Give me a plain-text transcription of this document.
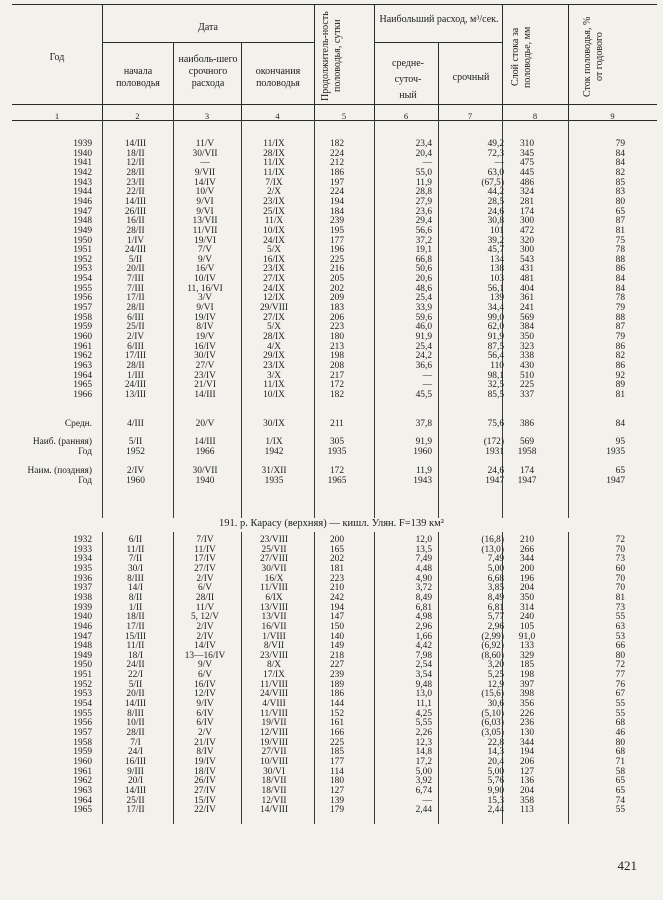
Год
Дата
начала половодья
наиболь-шего срочного расхода
окончания половодья	Продолжитель-ность половодья, сутки
Наибольший расход, м³/сек.
средне-суточ-ный
срочный	Слой стока за половодье, мм	Сток половодья, % от годового
1	2	3	4	5	6	7	8	9
1939	14/III	11/V	11/IX	182	23,4	49,2	310	79
1940	18/II	30/VII	28/IX	224	20,4	72,3	345	84
1941	12/II	—	11/IX	212	—	—	475	84
1942	28/II	9/VII	11/IX	186	55,0	63,0	445	82
1943	23/II	14/IV	7/IX	197	11,9	(67,5)	486	85
1944	22/II	10/V	2/X	224	28,8	44,2	324	83
1946	14/III	9/VI	23/IX	194	27,9	28,5	281	80
1947	26/III	9/VI	25/IX	184	23,6	24,6	174	65
1948	16/II	13/VII	11/X	239	29,4	30,8	300	87
1949	28/II	11/VII	10/IX	195	56,6	101	472	81
1950	1/IV	19/VI	24/IX	177	37,2	39,2	320	75
1951	24/III	7/V	5/X	196	19,1	45,7	300	78
1952	5/II	9/V	16/IX	225	66,8	134	543	88
1953	20/II	16/V	23/IX	216	50,6	138	431	86
1954	7/III	10/IV	27/IX	205	20,6	103	481	84
1955	7/III	11, 16/VI	24/IX	202	48,6	56,1	404	84
1956	17/II	3/V	12/IX	209	25,4	139	361	78
1957	28/II	9/VI	29/VIII	183	33,9	34,4	241	79
1958	6/III	19/IV	27/IX	206	59,6	99,0	569	88
1959	25/II	8/IV	5/X	223	46,0	62,0	384	87
1960	2/IV	19/V	28/IX	180	91,9	91,9	350	79
1961	6/III	16/IV	4/X	213	25,4	87,5	323	86
1962	17/III	30/IV	29/IX	198	24,2	56,4	338	82
1963	28/II	27/V	23/IX	208	36,6	110	430	86
1964	1/III	23/IV	3/X	217	—	98,1	510	92
1965	24/III	21/VI	11/IX	172	—	32,5	225	89
1966	13/III	14/III	10/IX	182	45,5	85,5	337	81
Средн.	4/III	20/V	30/IX	211	37,8	75,6	386	84
Наиб. (ранняя)	5/II	14/III	1/IX	305	91,9	(172)	569	95
Год	1952	1966	1942	1935	1960	1931	1958	1935
Наим. (поздняя)	2/IV	30/VII	31/XII	172	11,9	24,6	174	65
Год	1960	1940	1935	1965	1943	1947	1947	1947
191. р. Карасу (верхняя) — кишл. Улян. F=139 км²
1932	6/II	7/IV	23/VIII	200	12,0	(16,8)	210	72
1933	11/II	11/IV	25/VII	165	13,5	(13,0)	266	70
1934	7/II	17/IV	27/VIII	202	7,49	7,49	344	73
1935	30/I	27/IV	30/VII	181	4,48	5,00	200	60
1936	8/III	2/IV	16/X	223	4,90	6,68	196	70
1937	14/I	6/V	11/VIII	210	3,72	3,85	204	70
1938	8/II	28/II	6/IX	242	8,49	8,49	350	81
1939	1/II	11/V	13/VIII	194	6,81	6,81	314	73
1940	18/II	5, 12/V	13/VII	147	4,98	5,77	240	55
1946	17/II	2/IV	16/VII	150	2,96	2,96	105	63
1947	15/III	2/IV	1/VIII	140	1,66	(2,99)	91,0	53
1948	11/II	14/IV	8/VII	149	4,42	(6,92)	133	66
1949	18/I	13—16/IV	23/VIII	218	7,98	(8,60)	329	80
1950	24/II	9/V	8/X	227	2,54	3,20	185	72
1951	22/I	6/V	17/IX	239	3,54	5,25	198	77
1952	5/II	16/IV	11/VIII	189	9,48	12,9	397	76
1953	20/II	12/IV	24/VIII	186	13,0	(15,6)	398	67
1954	14/III	9/IV	4/VIII	144	11,1	30,6	356	55
1955	8/III	6/IV	11/VIII	152	4,25	(5,10)	226	55
1956	10/II	6/IV	19/VII	161	5,55	(6,03)	236	68
1957	28/II	2/V	12/VIII	166	2,26	(3,05)	130	46
1958	7/I	21/IV	19/VIII	225	12,3	22,8	344	80
1959	24/I	8/IV	27/VII	185	14,8	14,3	194	68
1960	16/III	19/IV	10/VIII	177	17,2	20,4	206	71
1961	9/III	18/IV	30/VI	114	5,00	5,00	127	58
1962	20/I	26/IV	18/VII	180	3,92	5,76	136	65
1963	14/III	27/IV	18/VII	127	6,74	9,90	204	65
1964	25/II	15/IV	12/VII	139	—	15,3	358	74
1965	17/II	22/IV	14/VIII	179	2,44	2,44	113	55
421
